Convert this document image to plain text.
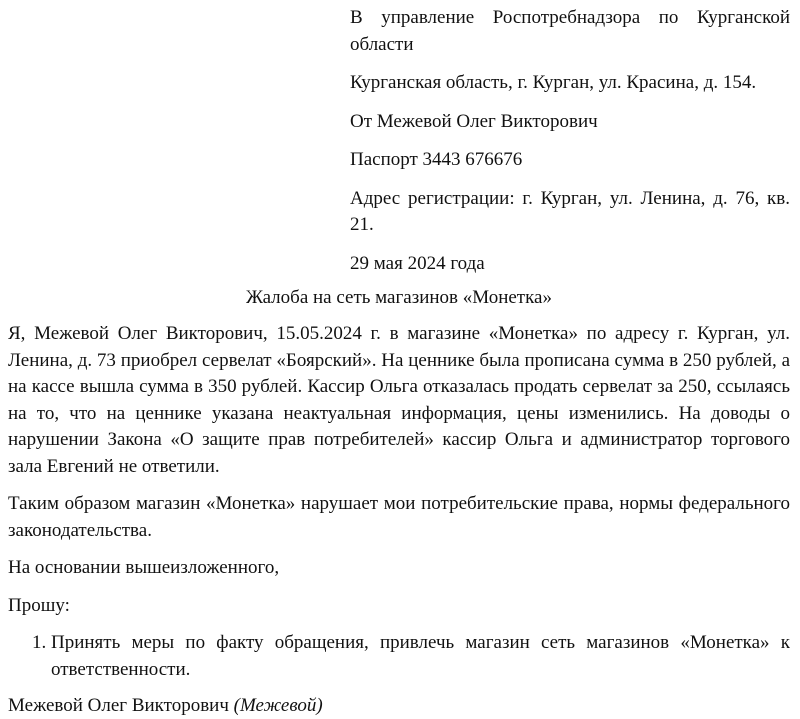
В управление Роспотребнадзора по Курганской области

Курганская область, г. Курган, ул. Красина, д. 154.

От Межевой Олег Викторович

Паспорт 3443 676676

Адрес регистрации: г. Курган, ул. Ленина, д. 76, кв. 21.

29 мая 2024 года

Жалоба на сеть магазинов «Монетка»

Я, Межевой Олег Викторович, 15.05.2024 г. в магазине «Монетка» по адресу г. Курган, ул. Ленина, д. 73 приобрел сервелат «Боярский». На ценнике была прописана сумма в 250 рублей, а на кассе вышла сумма в 350 рублей. Кассир Ольга отказалась продать сервелат за 250, ссылаясь на то, что на ценнике указана неактуальная информация, цены изменились. На доводы о нарушении Закона «О защите прав потребителей» кассир Ольга и администратор торгового зала Евгений не ответили.

Таким образом магазин «Монетка» нарушает мои потребительские права, нормы федерального законодательства.

На основании вышеизложенного,

Прошу:

1. Принять меры по факту обращения, привлечь магазин сеть магазинов «Монетка» к ответственности.

Межевой Олег Викторович (Межевой)
